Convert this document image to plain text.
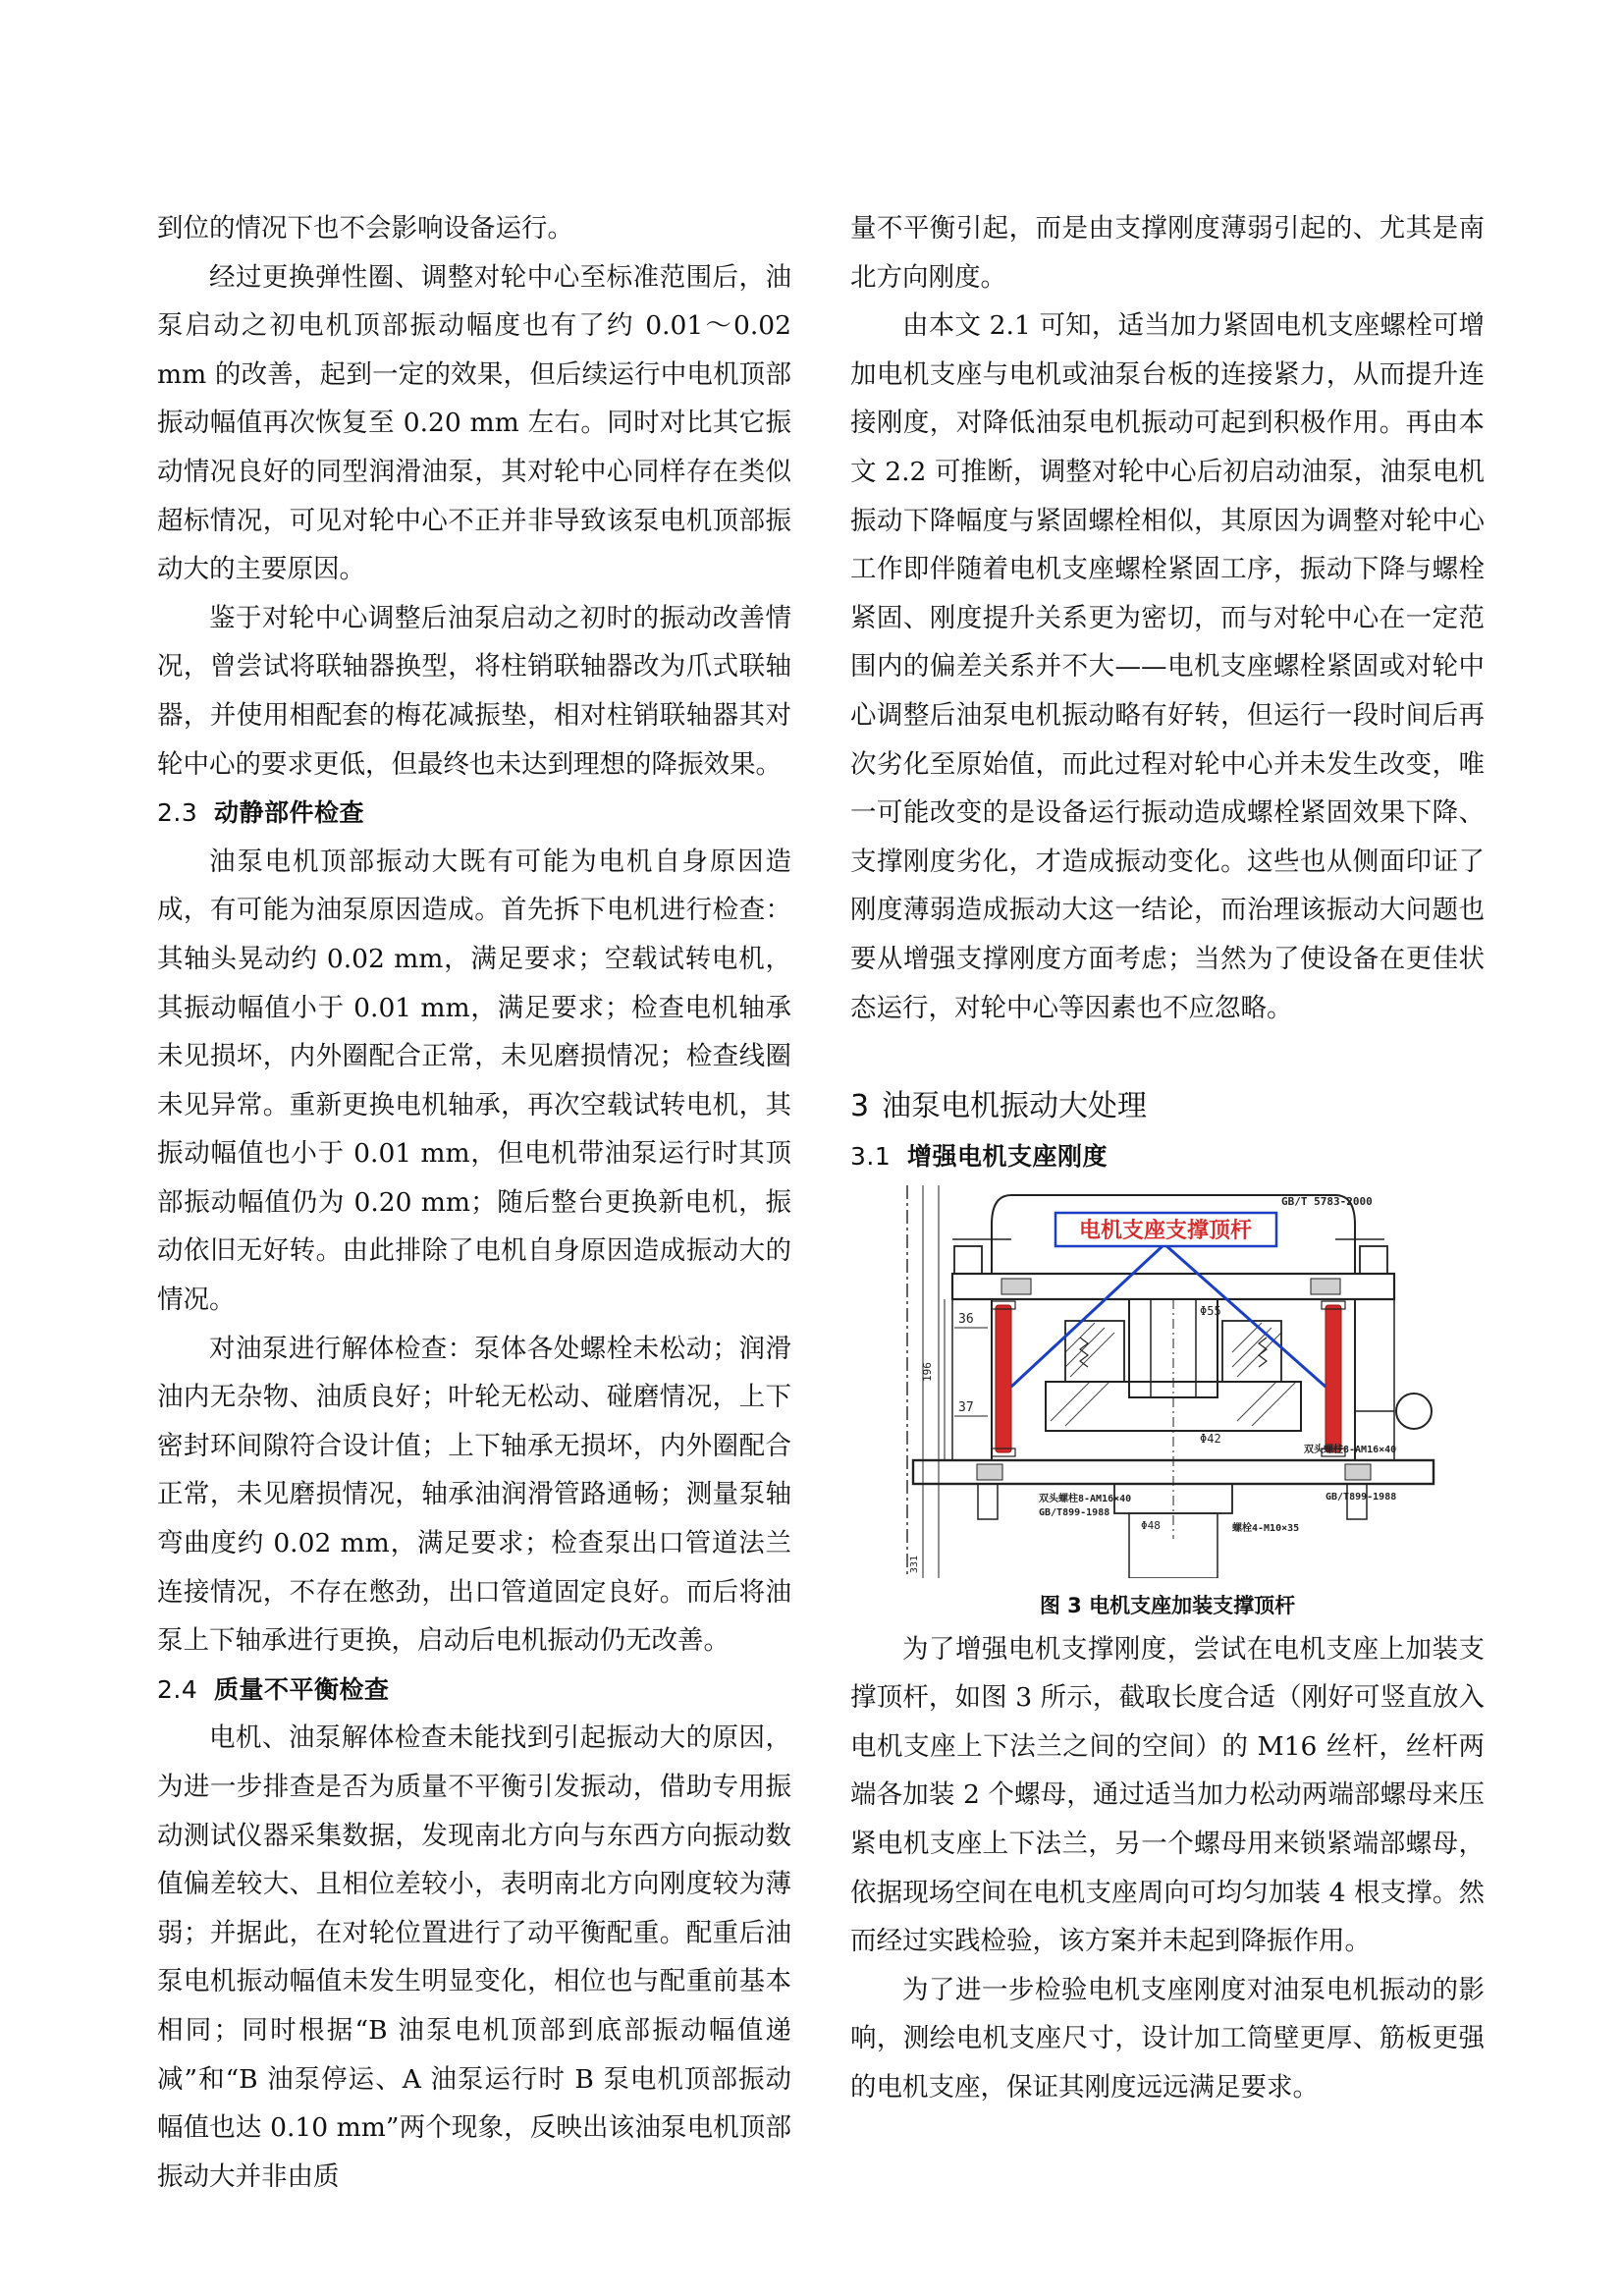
到位的情况下也不会影响设备运行。

经过更换弹性圈、调整对轮中心至标准范围后，油泵启动之初电机顶部振动幅度也有了约 0.01～0.02 mm 的改善，起到一定的效果，但后续运行中电机顶部振动幅值再次恢复至 0.20 mm 左右。同时对比其它振动情况良好的同型润滑油泵，其对轮中心同样存在类似超标情况，可见对轮中心不正并非导致该泵电机顶部振动大的主要原因。

鉴于对轮中心调整后油泵启动之初时的振动改善情况，曾尝试将联轴器换型，将柱销联轴器改为爪式联轴器，并使用相配套的梅花减振垫，相对柱销联轴器其对轮中心的要求更低，但最终也未达到理想的降振效果。

2.3 动静部件检查

油泵电机顶部振动大既有可能为电机自身原因造成，有可能为油泵原因造成。首先拆下电机进行检查：其轴头晃动约 0.02 mm，满足要求；空载试转电机，其振动幅值小于 0.01 mm，满足要求；检查电机轴承未见损坏，内外圈配合正常，未见磨损情况；检查线圈未见异常。重新更换电机轴承，再次空载试转电机，其振动幅值也小于 0.01 mm，但电机带油泵运行时其顶部振动幅值仍为 0.20 mm；随后整台更换新电机，振动依旧无好转。由此排除了电机自身原因造成振动大的情况。

对油泵进行解体检查：泵体各处螺栓未松动；润滑油内无杂物、油质良好；叶轮无松动、碰磨情况，上下密封环间隙符合设计值；上下轴承无损坏，内外圈配合正常，未见磨损情况，轴承油润滑管路通畅；测量泵轴弯曲度约 0.02 mm，满足要求；检查泵出口管道法兰连接情况，不存在憋劲，出口管道固定良好。而后将油泵上下轴承进行更换，启动后电机振动仍无改善。

2.4 质量不平衡检查

电机、油泵解体检查未能找到引起振动大的原因，为进一步排查是否为质量不平衡引发振动，借助专用振动测试仪器采集数据，发现南北方向与东西方向振动数值偏差较大、且相位差较小，表明南北方向刚度较为薄弱；并据此，在对轮位置进行了动平衡配重。配重后油泵电机振动幅值未发生明显变化，相位也与配重前基本相同；同时根据“B 油泵电机顶部到底部振动幅值递减”和“B 油泵停运、A 油泵运行时 B 泵电机顶部振动幅值也达 0.10 mm”两个现象，反映出该油泵电机顶部振动大并非由质

量不平衡引起，而是由支撑刚度薄弱引起的、尤其是南北方向刚度。

由本文 2.1 可知，适当加力紧固电机支座螺栓可增加电机支座与电机或油泵台板的连接紧力，从而提升连接刚度，对降低油泵电机振动可起到积极作用。再由本文 2.2 可推断，调整对轮中心后初启动油泵，油泵电机振动下降幅度与紧固螺栓相似，其原因为调整对轮中心工作即伴随着电机支座螺栓紧固工序，振动下降与螺栓紧固、刚度提升关系更为密切，而与对轮中心在一定范围内的偏差关系并不大——电机支座螺栓紧固或对轮中心调整后油泵电机振动略有好转，但运行一段时间后再次劣化至原始值，而此过程对轮中心并未发生改变，唯一可能改变的是设备运行振动造成螺栓紧固效果下降、支撑刚度劣化，才造成振动变化。这些也从侧面印证了刚度薄弱造成振动大这一结论，而治理该振动大问题也要从增强支撑刚度方面考虑；当然为了使设备在更佳状态运行，对轮中心等因素也不应忽略。

3 油泵电机振动大处理
3.1 增强电机支座刚度
GB/T 5783-2000
电机支座支撑顶杆
36
37
196
Φ55
Φ42
Φ48
331
双头螺柱8-AM16×40
GB/T899-1988
双头螺柱8-AM16×40
GB/T899-1988
螺栓4-M10×35

图 3 电机支座加装支撑顶杆

为了增强电机支撑刚度，尝试在电机支座上加装支撑顶杆，如图 3 所示，截取长度合适（刚好可竖直放入电机支座上下法兰之间的空间）的 M16 丝杆，丝杆两端各加装 2 个螺母，通过适当加力松动两端部螺母来压紧电机支座上下法兰，另一个螺母用来锁紧端部螺母，依据现场空间在电机支座周向可均匀加装 4 根支撑。然而经过实践检验，该方案并未起到降振作用。

为了进一步检验电机支座刚度对油泵电机振动的影响，测绘电机支座尺寸，设计加工筒壁更厚、筋板更强的电机支座，保证其刚度远远满足要求。
